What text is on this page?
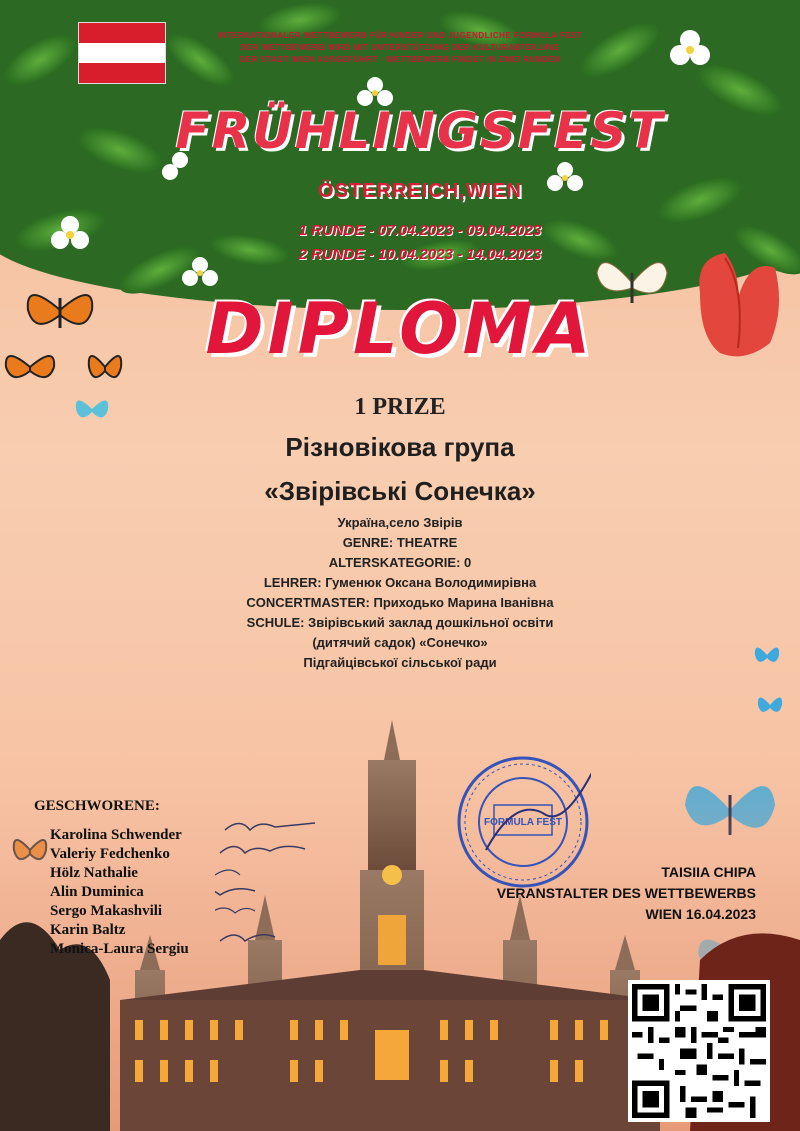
INTERNATIONALER WETTBEWERB FÜR KINDER UND JUGENDLICHE FORMULA FEST
DER WETTBEWERB WIRD MIT UNTERSTÜTZUNG DER KULTURABTEILUNG
DER STADT WIEN AUSGEFÜHRT - WETTBEWERB FINDET IN ZWEI RUNDEN
FRÜHLINGSFEST
ÖSTERREICH,WIEN
1 RUNDE - 07.04.2023 - 09.04.2023
2 RUNDE - 10.04.2023 - 14.04.2023
DIPLOMA
1 PRIZE
Різновікова група
«Звірівські Сонечка»
Україна,село Звірів
GENRE: THEATRE
ALTERSKATEGORIE: 0
LEHRER: Гуменюк Оксана Володимирівна
CONCERTMASTER: Приходько Марина Іванівна
SCHULE: Звірівський заклад дошкільної освіти
(дитячий садок) «Сонечко»
Підгайцівської сільської ради
GESCHWORENE:
Karolina Schwender
Valeriy Fedchenko
Hölz Nathalie
Alin Duminica
Sergo Makashvili
Karin Baltz
Monica-Laura Sergiu
FORMULA FEST
TAISIIA CHIPA
VERANSTALTER DES WETTBEWERBS
WIEN 16.04.2023
